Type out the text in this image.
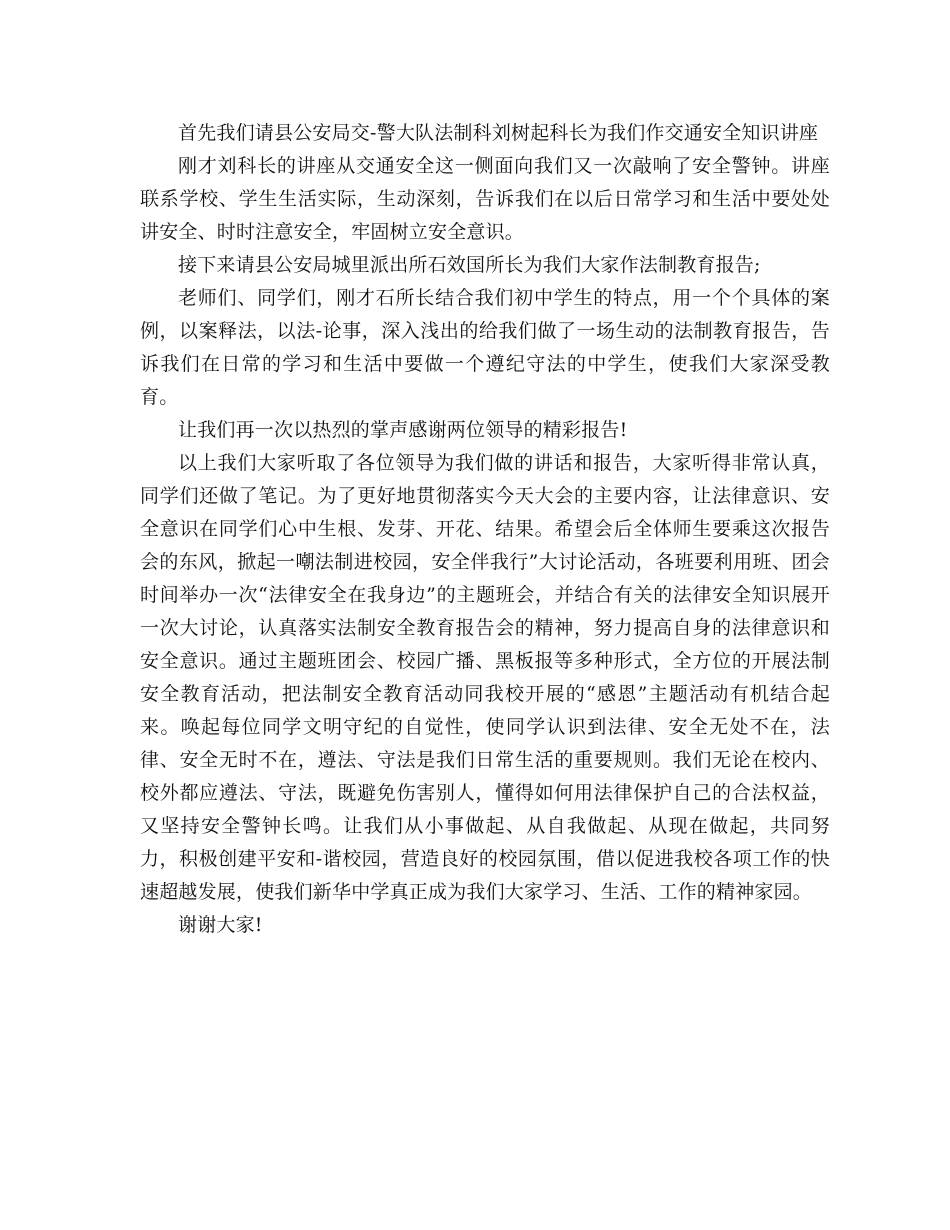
首先我们请县公安局交-警大队法制科刘树起科长为我们作交通安全知识讲座

刚才刘科长的讲座从交通安全这一侧面向我们又一次敲响了安全警钟。讲座联系学校、学生生活实际，生动深刻，告诉我们在以后日常学习和生活中要处处讲安全、时时注意安全，牢固树立安全意识。

接下来请县公安局城里派出所石效国所长为我们大家作法制教育报告;

老师们、同学们，刚才石所长结合我们初中学生的特点，用一个个具体的案例，以案释法，以法-论事，深入浅出的给我们做了一场生动的法制教育报告，告诉我们在日常的学习和生活中要做一个遵纪守法的中学生，使我们大家深受教育。

让我们再一次以热烈的掌声感谢两位领导的精彩报告!

以上我们大家听取了各位领导为我们做的讲话和报告，大家听得非常认真，同学们还做了笔记。为了更好地贯彻落实今天大会的主要内容，让法律意识、安全意识在同学们心中生根、发芽、开花、结果。希望会后全体师生要乘这次报告会的东风，掀起一嘲法制进校园，安全伴我行”大讨论活动，各班要利用班、团会时间举办一次“法律安全在我身边”的主题班会，并结合有关的法律安全知识展开一次大讨论，认真落实法制安全教育报告会的精神，努力提高自身的法律意识和安全意识。通过主题班团会、校园广播、黑板报等多种形式，全方位的开展法制安全教育活动，把法制安全教育活动同我校开展的“感恩”主题活动有机结合起来。唤起每位同学文明守纪的自觉性，使同学认识到法律、安全无处不在，法律、安全无时不在，遵法、守法是我们日常生活的重要规则。我们无论在校内、校外都应遵法、守法，既避免伤害别人，懂得如何用法律保护自己的合法权益，又坚持安全警钟长鸣。让我们从小事做起、从自我做起、从现在做起，共同努力，积极创建平安和-谐校园，营造良好的校园氛围，借以促进我校各项工作的快速超越发展，使我们新华中学真正成为我们大家学习、生活、工作的精神家园。

谢谢大家!
